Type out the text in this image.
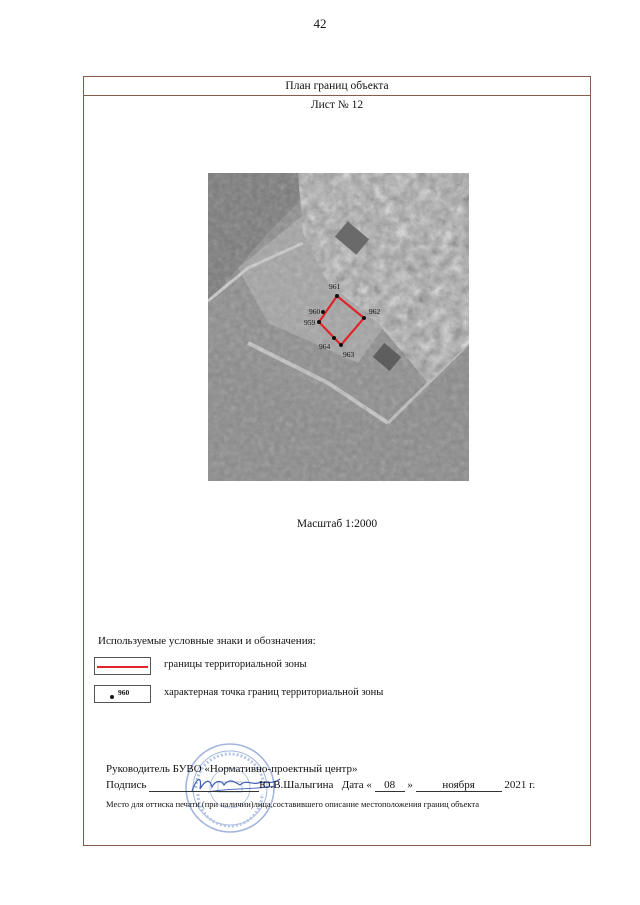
42
План границ объекта
Лист № 12
961
962
963
964
959
960
Масштаб 1:2000
Используемые условные знаки и обозначения:
границы территориальной зоны
960	характерная точка границ территориальной зоны
Руководитель БУВО «Нормативно-проектный центр»
Подпись	Ю.В.Шалыгина Дата « 08 »	ноября	2021 г.
Место для оттиска печати (при наличии)лица,составившего описание местоположения границ объекта
